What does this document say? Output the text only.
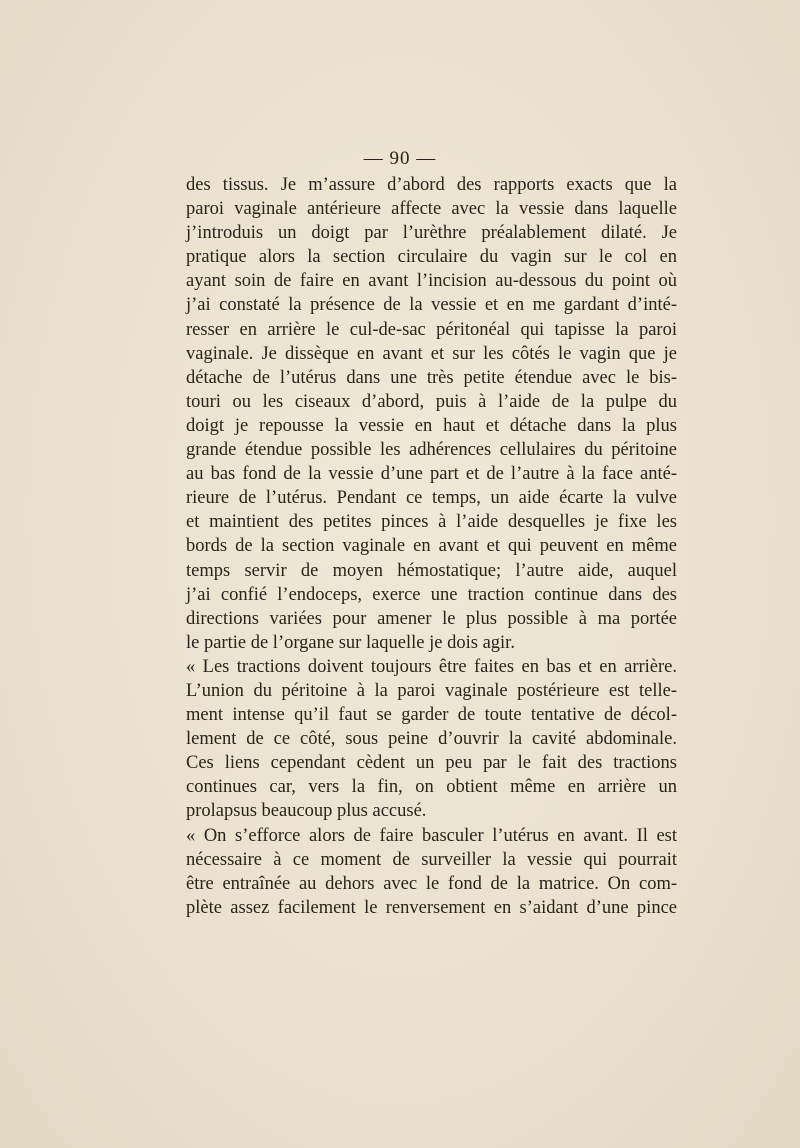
— 90 —
des tissus. Je m’assure d’abord des rapports exacts que la
paroi vaginale antérieure affecte avec la vessie dans laquelle
j’introduis un doigt par l’urèthre préalablement dilaté. Je
pratique alors la section circulaire du vagin sur le col en
ayant soin de faire en avant l’incision au-dessous du point où
j’ai constaté la présence de la vessie et en me gardant d’inté-
resser en arrière le cul-de-sac péritonéal qui tapisse la paroi
vaginale. Je dissèque en avant et sur les côtés le vagin que je
détache de l’utérus dans une très petite étendue avec le bis-
touri ou les ciseaux d’abord, puis à l’aide de la pulpe du
doigt je repousse la vessie en haut et détache dans la plus
grande étendue possible les adhérences cellulaires du péritoine
au bas fond de la vessie d’une part et de l’autre à la face anté-
rieure de l’utérus. Pendant ce temps, un aide écarte la vulve
et maintient des petites pinces à l’aide desquelles je fixe les
bords de la section vaginale en avant et qui peuvent en même
temps servir de moyen hémostatique; l’autre aide, auquel
j’ai confié l’endoceps, exerce une traction continue dans des
directions variées pour amener le plus possible à ma portée
le partie de l’organe sur laquelle je dois agir.
« Les tractions doivent toujours être faites en bas et en arrière.
L’union du péritoine à la paroi vaginale postérieure est telle-
ment intense qu’il faut se garder de toute tentative de décol-
lement de ce côté, sous peine d’ouvrir la cavité abdominale.
Ces liens cependant cèdent un peu par le fait des tractions
continues car, vers la fin, on obtient même en arrière un
prolapsus beaucoup plus accusé.
« On s’efforce alors de faire basculer l’utérus en avant. Il est
nécessaire à ce moment de surveiller la vessie qui pourrait
être entraînée au dehors avec le fond de la matrice. On com-
plète assez facilement le renversement en s’aidant d’une pince
